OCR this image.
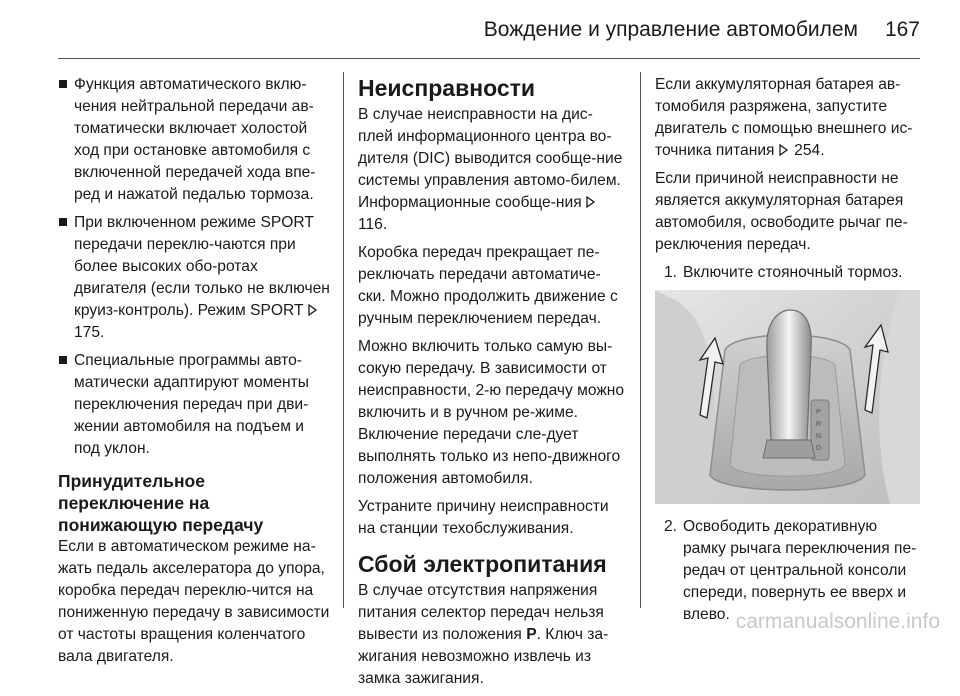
Вождение и управление автомобилем 167
Функция автоматического вклю-чения нейтральной передачи ав-томатически включает холостой ход при остановке автомобиля с включенной передачей хода впе-ред и нажатой педалью тормоза.
При включенном режиме SPORT передачи переклю-чаются при более высоких обо-ротах двигателя (если только не включен круиз-контроль). Режим SPORT  175.
Специальные программы авто-матически адаптируют моменты переключения передач при дви-жении автомобиля на подъем и под уклон.
Принудительное переключение на понижающую передачу

Если в автоматическом режиме на-жать педаль акселератора до упора, коробка передач переклю-чится на пониженную передачу в зависимости от частоты вращения коленчатого вала двигателя.

Неисправности

В случае неисправности на дис-плей информационного центра во-дителя (DIC) выводится сообще-ние системы управления автомо-билем. Информационные сообще-ния  116.

Коробка передач прекращает пе-реключать передачи автоматиче-ски. Можно продолжить движение с ручным переключением передач.

Можно включить только самую вы-сокую передачу. В зависимости от неисправности, 2-ю передачу можно включить и в ручном ре-жиме. Включение передачи сле-дует выполнять только из непо-движного положения автомобиля.

Устраните причину неисправности на станции техобслуживания.

Сбой электропитания

В случае отсутствия напряжения питания селектор передач нельзя вывести из положения P. Ключ за-жигания невозможно извлечь из замка зажигания.

Если аккумуляторная батарея ав-томобиля разряжена, запустите двигатель с помощью внешнего ис-точника питания 254.

Если причиной неисправности не является аккумуляторная батарея автомобиля, освободите рычаг пе-реключения передач.

1. Включите стояночный тормоз.
P
R
N
D
2. Освободить декоративную рамку рычага переключения пе-редач от центральной консоли спереди, повернуть ее вверх и влево. carmanualsonline.info
